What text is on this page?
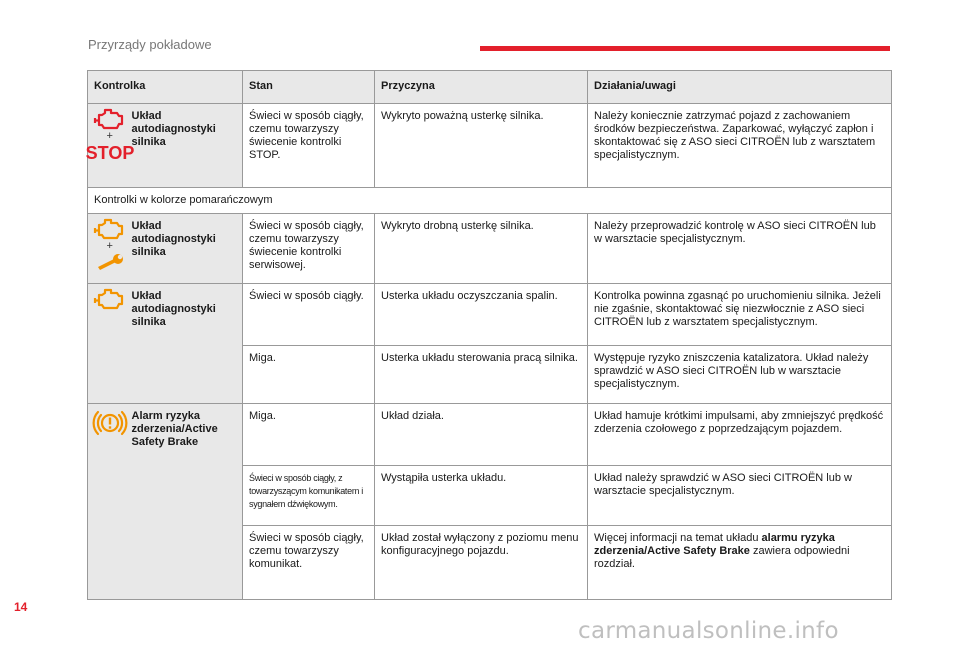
Przyrządy pokładowe
Kontrolka		Stan	Przyczyna	Działania/uwagi

+
STOP	Układ autodiagnostyki silnika	Świeci w sposób ciągły, czemu towarzyszy świecenie kontrolki STOP.	Wykryto poważną usterkę silnika.	Należy koniecznie zatrzymać pojazd z zachowaniem środków bezpieczeństwa. Zaparkować, wyłączyć zapłon i skontaktować się z ASO sieci CITROËN lub z warsztatem specjalistycznym.
Kontrolki w kolorze pomarańczowym				

+	Układ autodiagnostyki silnika	Świeci w sposób ciągły, czemu towarzyszy świecenie kontrolki serwisowej.	Wykryto drobną usterkę silnika.	Należy przeprowadzić kontrolę w ASO sieci CITROËN lub w warsztacie specjalistycznym.

	Układ autodiagnostyki silnika	Świeci w sposób ciągły.	Usterka układu oczyszczania spalin.	Kontrolka powinna zgasnąć po uruchomieniu silnika. Jeżeli nie zgaśnie, skontaktować się niezwłocznie z ASO sieci CITROËN lub z warsztatem specjalistycznym.
		Miga.	Usterka układu sterowania pracą silnika.	Występuje ryzyko zniszczenia katalizatora. Układ należy sprawdzić w ASO sieci CITROËN lub w warsztacie specjalistycznym.

	Alarm ryzyka zderzenia/Active Safety Brake	Miga.	Układ działa.	Układ hamuje krótkimi impulsami, aby zmniejszyć prędkość zderzenia czołowego z poprzedzającym pojazdem.
		Świeci w sposób ciągły, z towarzyszącym komunikatem i sygnałem dźwiękowym.	Wystąpiła usterka układu.	Układ należy sprawdzić w ASO sieci CITROËN lub w warsztacie specjalistycznym.
		Świeci w sposób ciągły, czemu towarzyszy komunikat.	Układ został wyłączony z poziomu menu konfiguracyjnego pojazdu.	Więcej informacji na temat układu alarmu ryzyka zderzenia/Active Safety Brake zawiera odpowiedni rozdział.
14
carmanualsonline.info
